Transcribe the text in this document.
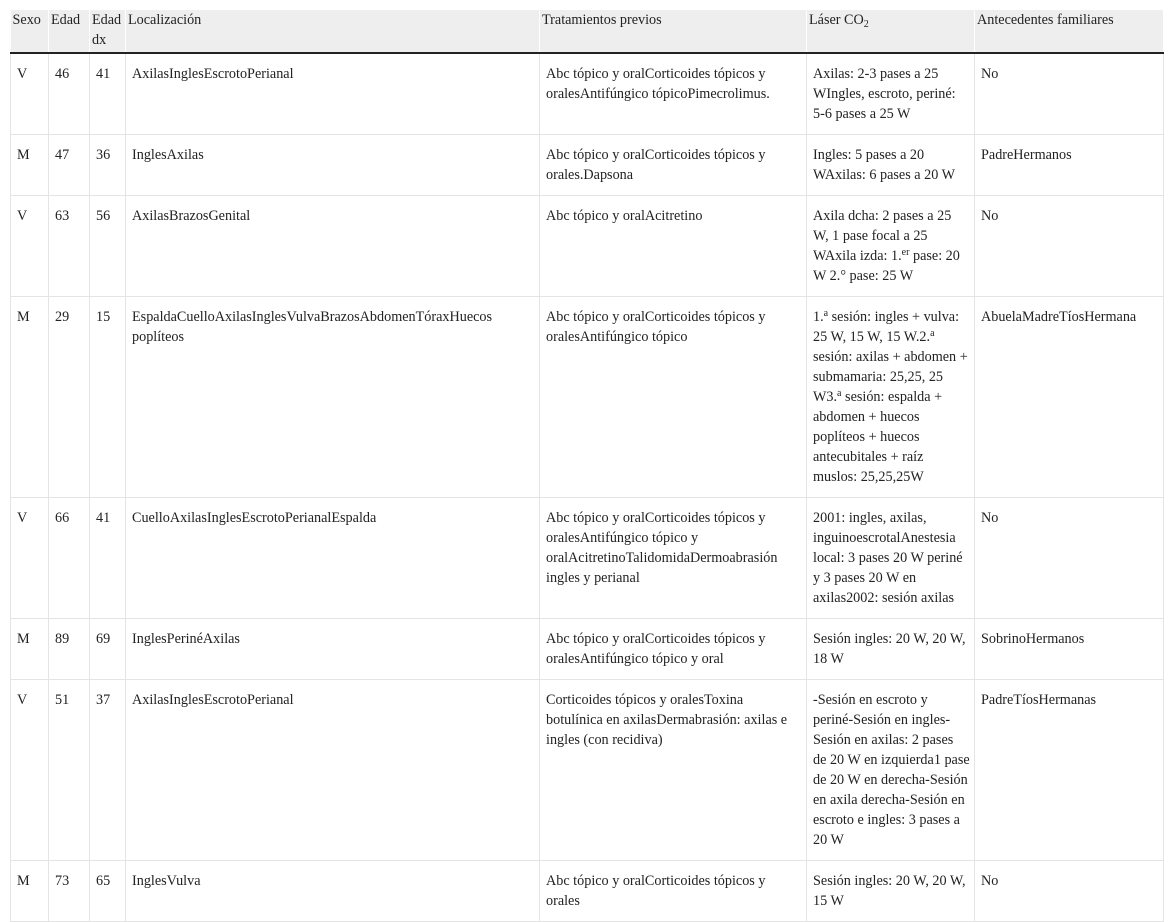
Sexo	Edad	Edad dx	Localización	Tratamientos previos	Láser $CO_2$	Antecedentes familiares
V	46	41	AxilasInglesEscrotoPerianal	Abc tópico y oralCorticoides tópicos y oralesAntifúngico tópicoPimecrolimus.	Axilas: 2-3 pases a 25 WIngles, escroto, periné: 5-6 pases a 25 W	No
M	47	36	InglesAxilas	Abc tópico y oralCorticoides tópicos y orales.Dapsona	Ingles: 5 pases a 20 WAxilas: 6 pases a 20 W	PadreHermanos
V	63	56	AxilasBrazosGenital	Abc tópico y oralAcitretino	Axila dcha: 2 pases a 25 W, 1 pase focal a 25 WAxila izda: 1.$^{er}$ pase: 20 W 2.° pase: 25 W	No
M	29	15	EspaldaCuelloAxilasInglesVulvaBrazosAbdomenTóraxHuecos poplíteos	Abc tópico y oralCorticoides tópicos y oralesAntifúngico tópico	1.$^a$ sesión: ingles + vulva: 25 W, 15 W, 15 W.2.$^a$ sesión: axilas + abdomen + submamaria: 25,25, 25 W3.$^a$ sesión: espalda + abdomen + huecos poplíteos + huecos antecubitales + raíz muslos: 25,25,25W	AbuelaMadreTíosHermana
V	66	41	CuelloAxilasInglesEscrotoPerianalEspalda	Abc tópico y oralCorticoides tópicos y oralesAntifúngico tópico y oralAcitretinoTalidomidaDermoabrasión ingles y perianal	2001: ingles, axilas, inguinoescrotalAnestesia local: 3 pases 20 W periné y 3 pases 20 W en axilas2002: sesión axilas	No
M	89	69	InglesPerinéAxilas	Abc tópico y oralCorticoides tópicos y oralesAntifúngico tópico y oral	Sesión ingles: 20 W, 20 W, 18 W	SobrinoHermanos
V	51	37	AxilasInglesEscrotoPerianal	Corticoides tópicos y oralesToxina botulínica en axilasDermabrasión: axilas e ingles (con recidiva)	-Sesión en escroto y periné-Sesión en ingles-Sesión en axilas: 2 pases de 20 W en izquierda1 pase de 20 W en derecha-Sesión en axila derecha-Sesión en escroto e ingles: 3 pases a 20 W	PadreTíosHermanas
M	73	65	InglesVulva	Abc tópico y oralCorticoides tópicos y orales	Sesión ingles: 20 W, 20 W, 15 W	No
